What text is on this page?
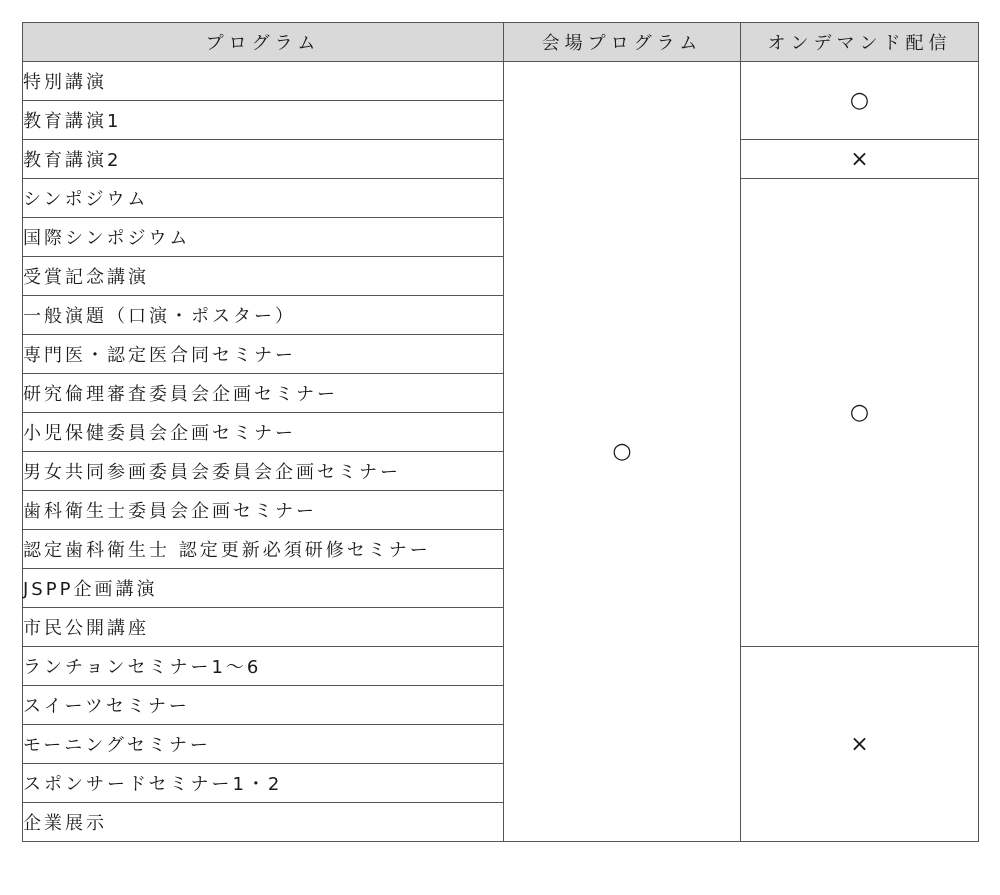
プログラム	会場プログラム	オンデマンド配信
特別講演	○	○
教育講演1		
教育講演2		×
シンポジウム		○
国際シンポジウム		
受賞記念講演		
一般演題（口演・ポスター）		
専門医・認定医合同セミナー		
研究倫理審査委員会企画セミナー		
小児保健委員会企画セミナー		
男女共同参画委員会委員会企画セミナー		
歯科衛生士委員会企画セミナー		
認定歯科衛生士 認定更新必須研修セミナー		
JSPP企画講演		
市民公開講座		
ランチョンセミナー1～6		×
スイーツセミナー		
モーニングセミナー		
スポンサードセミナー1・2		
企業展示		
